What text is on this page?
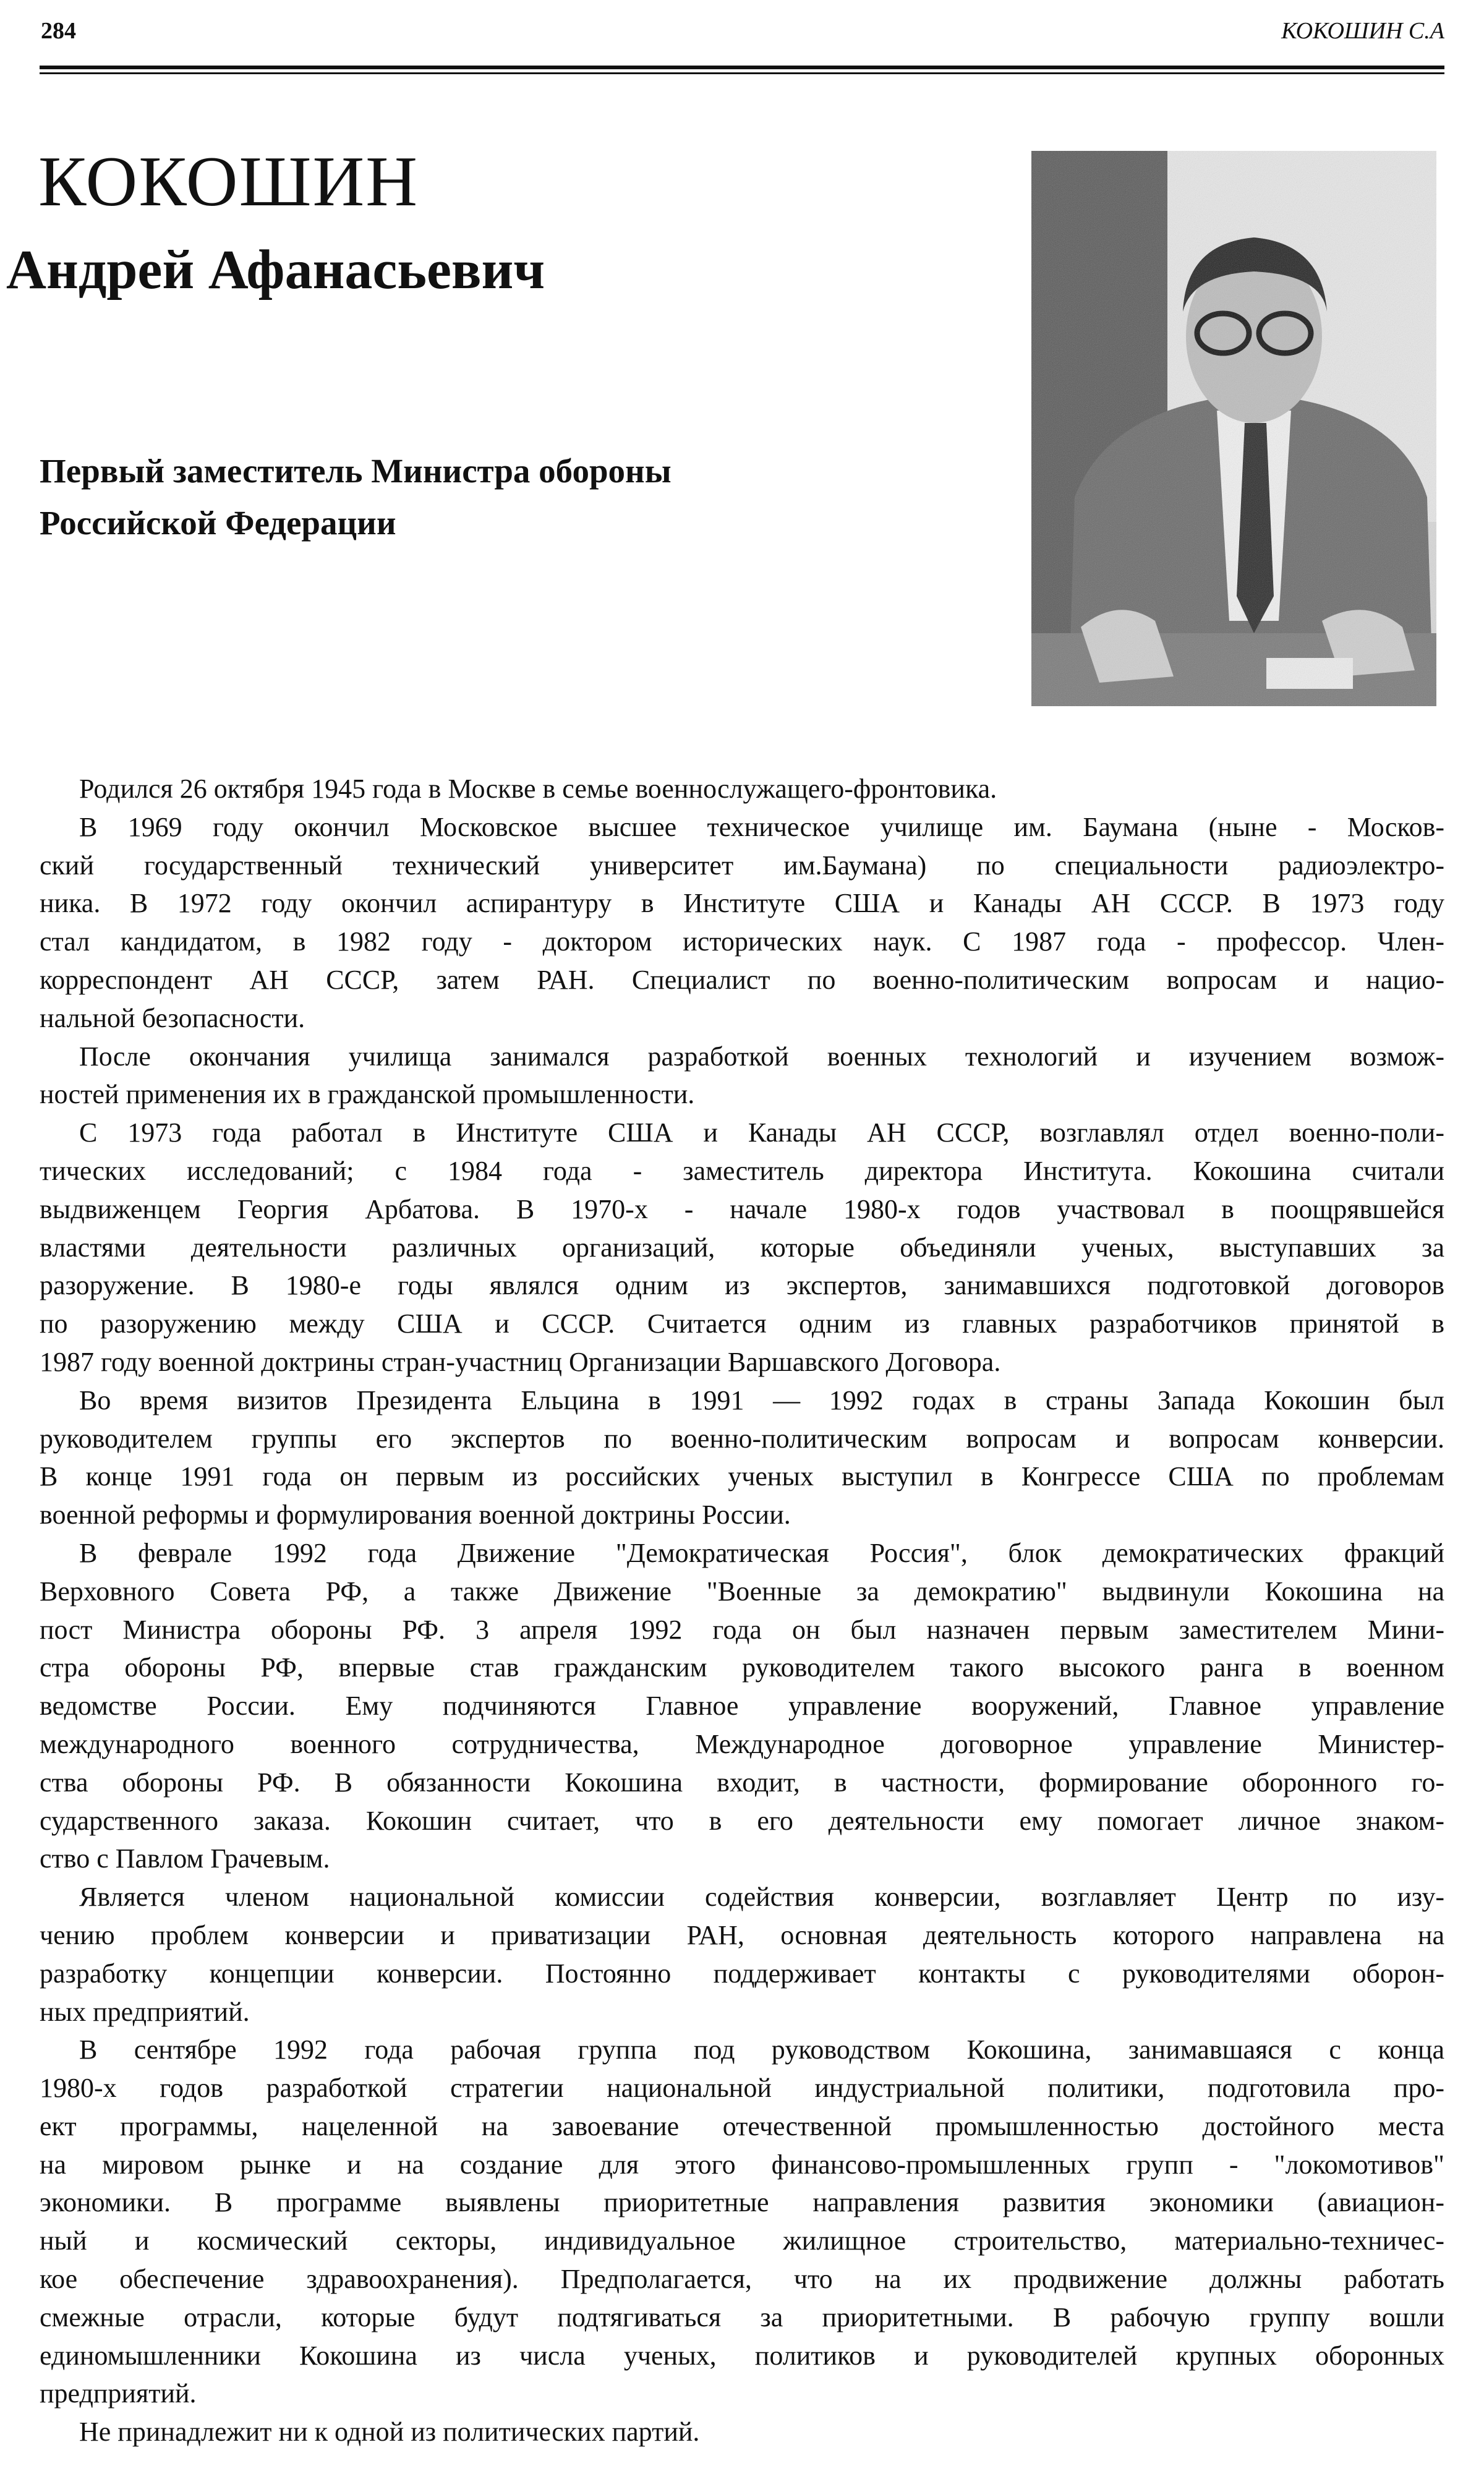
284	КОКОШИН С.А
КОКОШИН
Андрей Афанасьевич
Первый заместитель Министра обороны
Российской Федерации
Родился 26 октября 1945 года в Москве в семье военнослужащего-фронтовика.
В 1969 году окончил Московское высшее техническое училище им. Баумана (ныне - Москов-
ский государственный технический университет им.Баумана) по специальности радиоэлектро-
ника. В 1972 году окончил аспирантуру в Институте США и Канады АН СССР. В 1973 году
стал кандидатом, в 1982 году - доктором исторических наук. С 1987 года - профессор. Член-
корреспондент АН СССР, затем РАН. Специалист по военно-политическим вопросам и нацио-
нальной безопасности.
После окончания училища занимался разработкой военных технологий и изучением возмож-
ностей применения их в гражданской промышленности.
С 1973 года работал в Институте США и Канады АН СССР, возглавлял отдел военно-поли-
тических исследований; с 1984 года - заместитель директора Института. Кокошина считали
выдвиженцем Георгия Арбатова. В 1970-х - начале 1980-х годов участвовал в поощрявшейся
властями деятельности различных организаций, которые объединяли ученых, выступавших за
разоружение. В 1980-е годы являлся одним из экспертов, занимавшихся подготовкой договоров
по разоружению между США и СССР. Считается одним из главных разработчиков принятой в
1987 году военной доктрины стран-участниц Организации Варшавского Договора.
Во время визитов Президента Ельцина в 1991 — 1992 годах в страны Запада Кокошин был
руководителем группы его экспертов по военно-политическим вопросам и вопросам конверсии.
В конце 1991 года он первым из российских ученых выступил в Конгрессе США по проблемам
военной реформы и формулирования военной доктрины России.
В феврале 1992 года Движение "Демократическая Россия", блок демократических фракций
Верховного Совета РФ, а также Движение "Военные за демократию" выдвинули Кокошина на
пост Министра обороны РФ. 3 апреля 1992 года он был назначен первым заместителем Мини-
стра обороны РФ, впервые став гражданским руководителем такого высокого ранга в военном
ведомстве России. Ему подчиняются Главное управление вооружений, Главное управление
международного военного сотрудничества, Международное договорное управление Министер-
ства обороны РФ. В обязанности Кокошина входит, в частности, формирование оборонного го-
сударственного заказа. Кокошин считает, что в его деятельности ему помогает личное знаком-
ство с Павлом Грачевым.
Является членом национальной комиссии содействия конверсии, возглавляет Центр по изу-
чению проблем конверсии и приватизации РАН, основная деятельность которого направлена на
разработку концепции конверсии. Постоянно поддерживает контакты с руководителями оборон-
ных предприятий.
В сентябре 1992 года рабочая группа под руководством Кокошина, занимавшаяся с конца
1980-х годов разработкой стратегии национальной индустриальной политики, подготовила про-
ект программы, нацеленной на завоевание отечественной промышленностью достойного места
на мировом рынке и на создание для этого финансово-промышленных групп - "локомотивов"
экономики. В программе выявлены приоритетные направления развития экономики (авиацион-
ный и космический секторы, индивидуальное жилищное строительство, материально-техничес-
кое обеспечение здравоохранения). Предполагается, что на их продвижение должны работать
смежные отрасли, которые будут подтягиваться за приоритетными. В рабочую группу вошли
единомышленники Кокошина из числа ученых, политиков и руководителей крупных оборонных
предприятий.
Не принадлежит ни к одной из политических партий.
